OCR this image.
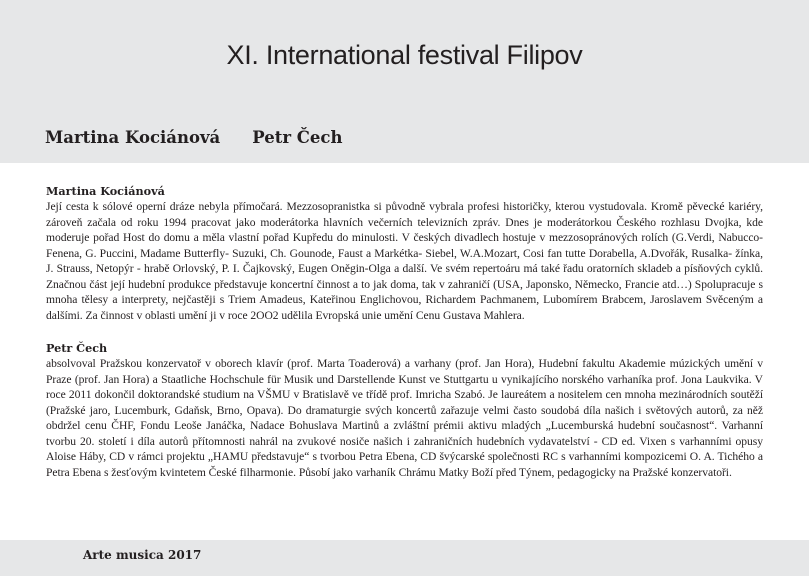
XI. International festival Filipov
Martina Kociánová Petr Čech

Martina Kociánová

Její cesta k sólové operní dráze nebyla přímočará. Mezzosopranistka si původně vybrala profesi historičky, kterou vystudovala. Kromě pěvecké kariéry, zároveň začala od roku 1994 pracovat jako moderátorka hlavních večerních televizních zpráv. Dnes je moderátorkou Českého rozhlasu Dvojka, kde moderuje pořad Host do domu a měla vlastní pořad Kupředu do minulosti. V českých divadlech hostuje v mezzosopránových rolích (G.Verdi, Nabucco-Fenena, G. Puccini, Madame Butterfly- Suzuki, Ch. Gounode, Faust a Markétka- Siebel, W.A.Mozart, Cosi fan tutte Dorabella, A.Dvořák, Rusalka- žínka, J. Strauss, Netopýr - hrabě Orlovský, P. I. Čajkovský, Eugen Oněgin-Olga a další. Ve svém repertoáru má také řadu oratorních skladeb a písňových cyklů. Značnou část její hudební produkce představuje koncertní činnost a to jak doma, tak v zahraničí (USA, Japonsko, Německo, Francie atd…) Spolupracuje s mnoha tělesy a interprety, nejčastěji s Triem Amadeus, Kateřinou Englichovou, Richardem Pachmanem, Lubomírem Brabcem, Jaroslavem Svěceným a dalšími. Za činnost v oblasti umění ji v roce 2OO2 udělila Evropská unie umění Cenu Gustava Mahlera.

Petr Čech

absolvoval Pražskou konzervatoř v oborech klavír (prof. Marta Toaderová) a varhany (prof. Jan Hora), Hudební fakultu Akademie múzických umění v Praze (prof. Jan Hora) a Staatliche Hochschule für Musik und Darstellende Kunst ve Stuttgartu u vynikajícího norského varhaníka prof. Jona Laukvika. V roce 2011 dokončil doktorandské studium na VŠMU v Bratislavě ve třídě prof. Imricha Szabó. Je laureátem a nositelem cen mnoha mezinárodních soutěží (Pražské jaro, Lucemburk, Gdaňsk, Brno, Opava). Do dramaturgie svých koncertů zařazuje velmi často soudobá díla našich i světových autorů, za něž obdržel cenu ČHF, Fondu Leoše Janáčka, Nadace Bohuslava Martinů a zvláštní prémii aktivu mladých „Lucemburská hudební současnost“. Varhanní tvorbu 20. století i díla autorů přítomnosti nahrál na zvukové nosiče našich i zahraničních hudebních vydavatelství - CD ed. Vixen s varhanními opusy Aloise Háby, CD v rámci projektu „HAMU představuje“ s tvorbou Petra Ebena, CD švýcarské společnosti RC s varhanními kompozicemi O. A. Tichého a Petra Ebena s žesťovým kvintetem České filharmonie. Působí jako varhaník Chrámu Matky Boží před Týnem, pedagogicky na Pražské konzervatoři.

Arte musica 2017
